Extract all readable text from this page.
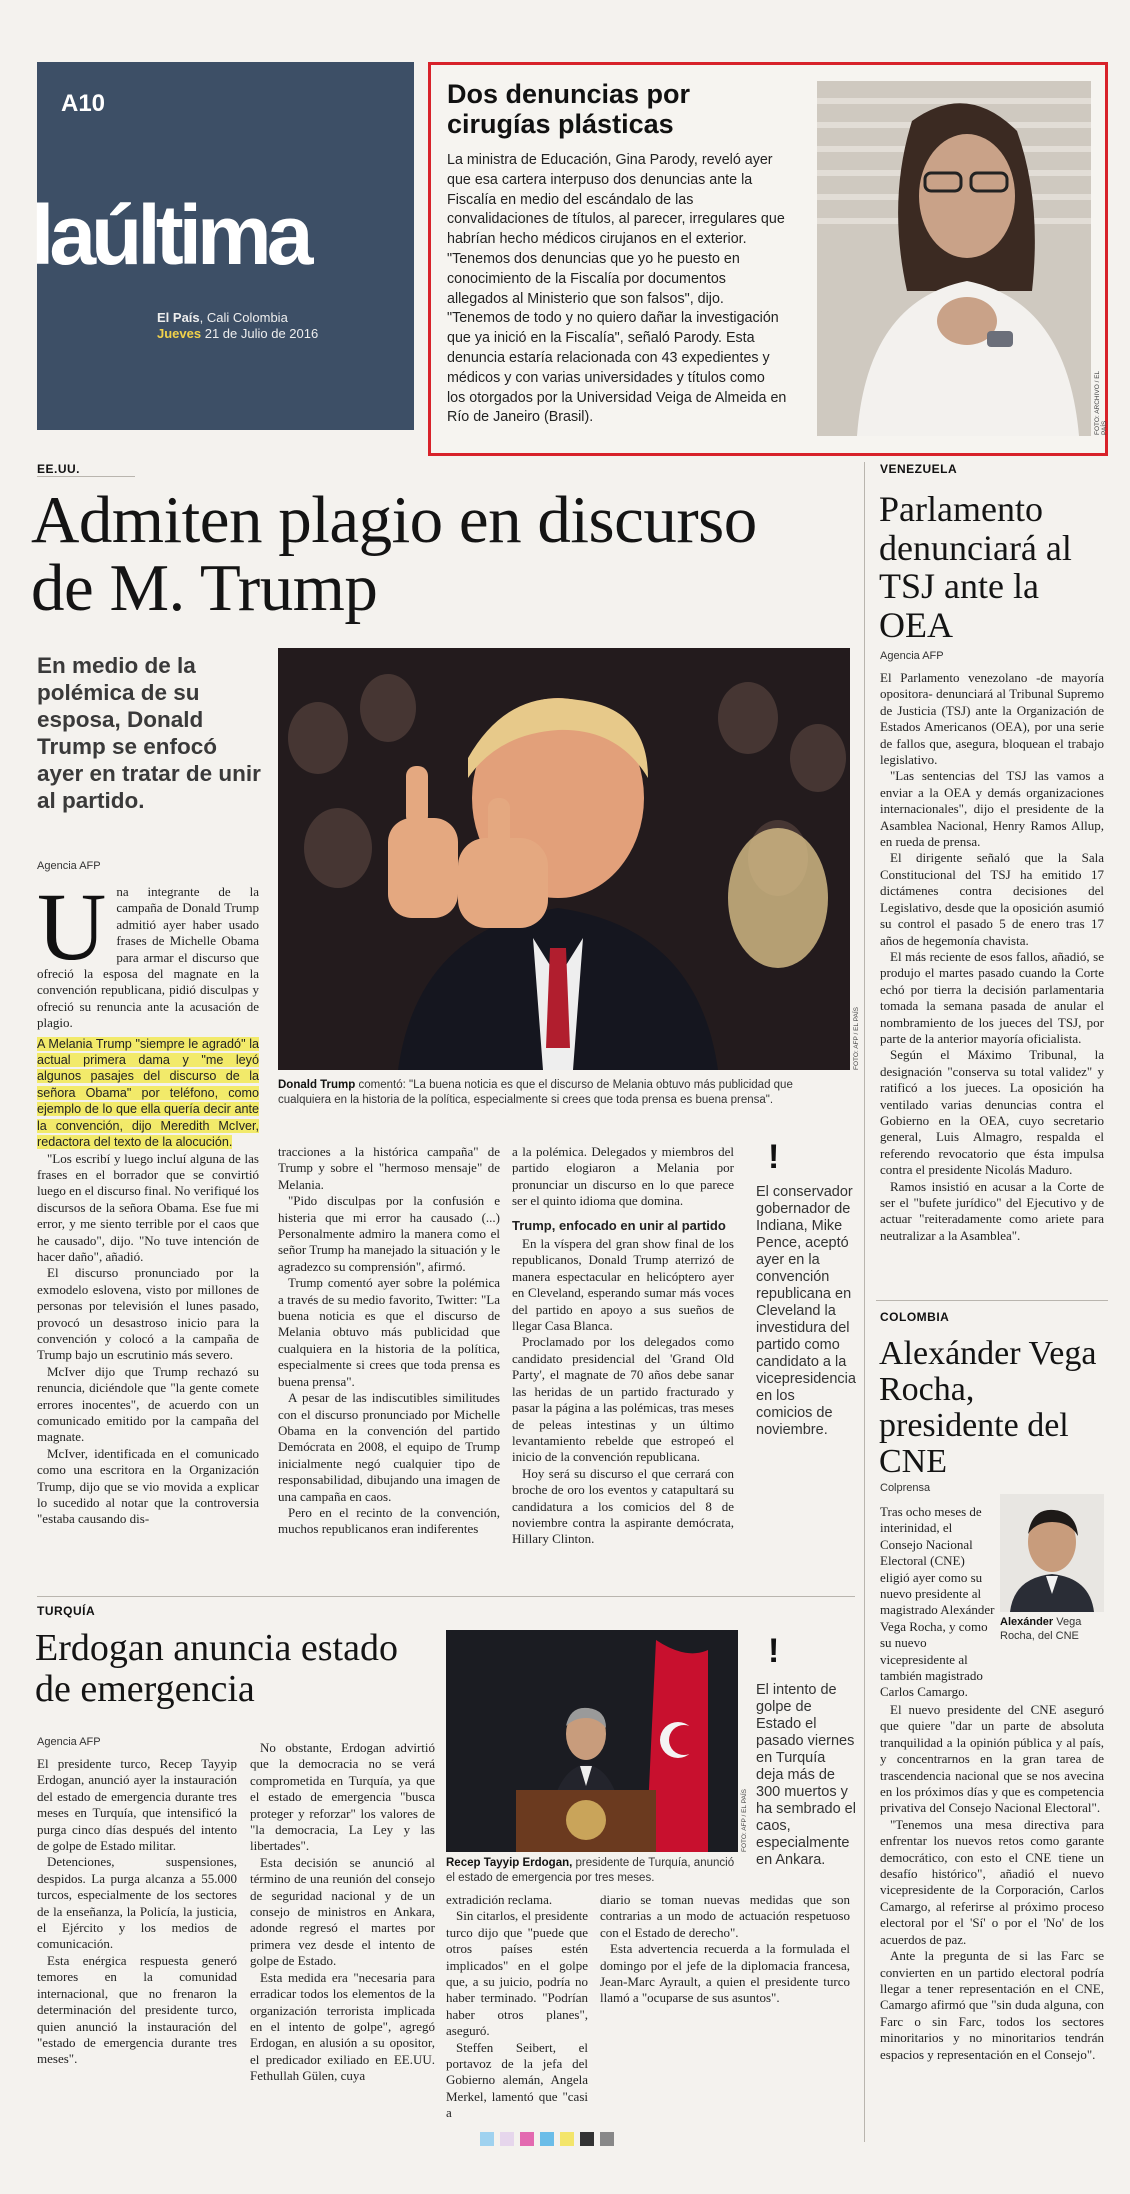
A10
laúltima
El País, Cali Colombia
Jueves 21 de Julio de 2016
Dos denuncias por cirugías plásticas
La ministra de Educación, Gina Parody, reveló ayer que esa cartera interpuso dos denuncias ante la Fiscalía en medio del escándalo de las convalidaciones de títulos, al parecer, irregulares que habrían hecho médicos cirujanos en el exterior. "Tenemos dos denuncias que yo he puesto en conocimiento de la Fiscalía por documentos allegados al Ministerio que son falsos", dijo. "Tenemos de todo y no quiero dañar la investigación que ya inició en la Fiscalía", señaló Parody. Esta denuncia estaría relacionada con 43 expedientes y médicos y con varias universidades y títulos como los otorgados por la Universidad Veiga de Almeida en Río de Janeiro (Brasil).	FOTO: ARCHIVO / EL PAÍS
EE.UU.
Admiten plagio en discurso de M. Trump
En medio de la polémica de su esposa, Donald Trump se enfocó ayer en tratar de unir al partido.
Agencia AFP
FOTO: AFP / EL PAÍS
Donald Trump comentó: "La buena noticia es que el discurso de Melania obtuvo más publicidad que cualquiera en la historia de la política, especialmente si crees que toda prensa es buena prensa".
U na integrante de la campaña de Donald Trump admitió ayer haber usado frases de Michelle Obama para armar el discurso que ofreció la esposa del magnate en la convención republicana, pidió disculpas y ofreció su renuncia ante la acusación de plagio.

A Melania Trump "siempre le agradó" la actual primera dama y "me leyó algunos pasajes del discurso de la señora Obama" por teléfono, como ejemplo de lo que ella quería decir ante la convención, dijo Meredith McIver, redactora del texto de la alocución.

"Los escribí y luego incluí alguna de las frases en el borrador que se convirtió luego en el discurso final. No verifiqué los discursos de la señora Obama. Ese fue mi error, y me siento terrible por el caos que he causado", dijo. "No tuve intención de hacer daño", añadió.

El discurso pronunciado por la exmodelo eslovena, visto por millones de personas por televisión el lunes pasado, provocó un desastroso inicio para la convención y colocó a la campaña de Trump bajo un escrutinio más severo.

McIver dijo que Trump rechazó su renuncia, diciéndole que "la gente comete errores inocentes", de acuerdo con un comunicado emitido por la campaña del magnate.

McIver, identificada en el comunicado como una escritora en la Organización Trump, dijo que se vio movida a explicar lo sucedido al notar que la controversia "estaba causando dis-

tracciones a la histórica campaña" de Trump y sobre el "hermoso mensaje" de Melania.

"Pido disculpas por la confusión e histeria que mi error ha causado (...) Personalmente admiro la manera como el señor Trump ha manejado la situación y le agradezco su comprensión", afirmó.

Trump comentó ayer sobre la polémica a través de su medio favorito, Twitter: "La buena noticia es que el discurso de Melania obtuvo más publicidad que cualquiera en la historia de la política, especialmente si crees que toda prensa es buena prensa".

A pesar de las indiscutibles similitudes con el discurso pronunciado por Michelle Obama en la convención del partido Demócrata en 2008, el equipo de Trump inicialmente negó cualquier tipo de responsabilidad, dibujando una imagen de una campaña en caos.

Pero en el recinto de la convención, muchos republicanos eran indiferentes

a la polémica. Delegados y miembros del partido elogiaron a Melania por pronunciar un discurso en lo que parece ser el quinto idioma que domina.

Trump, enfocado en unir al partido

En la víspera del gran show final de los republicanos, Donald Trump aterrizó de manera espectacular en helicóptero ayer en Cleveland, esperando sumar más voces del partido en apoyo a sus sueños de llegar Casa Blanca.

Proclamado por los delegados como candidato presidencial del 'Grand Old Party', el magnate de 70 años debe sanar las heridas de un partido fracturado y pasar la página a las polémicas, tras meses de peleas intestinas y un último levantamiento rebelde que estropeó el inicio de la convención republicana.

Hoy será su discurso el que cerrará con broche de oro los eventos y catapultará su candidatura a los comicios del 8 de noviembre contra la aspirante demócrata, Hillary Clinton.

!
El conservador gobernador de Indiana, Mike Pence, aceptó ayer en la convención republicana en Cleveland la investidura del partido como candidato a la vicepresidencia en los comicios de noviembre.
VENEZUELA
Parlamento denunciará al TSJ ante la OEA
Agencia AFP

El Parlamento venezolano -de mayoría opositora- denunciará al Tribunal Supremo de Justicia (TSJ) ante la Organización de Estados Americanos (OEA), por una serie de fallos que, asegura, bloquean el trabajo legislativo.

"Las sentencias del TSJ las vamos a enviar a la OEA y demás organizaciones internacionales", dijo el presidente de la Asamblea Nacional, Henry Ramos Allup, en rueda de prensa.

El dirigente señaló que la Sala Constitucional del TSJ ha emitido 17 dictámenes contra decisiones del Legislativo, desde que la oposición asumió su control el pasado 5 de enero tras 17 años de hegemonía chavista.

El más reciente de esos fallos, añadió, se produjo el martes pasado cuando la Corte echó por tierra la decisión parlamentaria tomada la semana pasada de anular el nombramiento de los jueces del TSJ, por parte de la anterior mayoría oficialista.

Según el Máximo Tribunal, la designación "conserva su total validez" y ratificó a los jueces. La oposición ha ventilado varias denuncias contra el Gobierno en la OEA, cuyo secretario general, Luis Almagro, respalda el referendo revocatorio que ésta impulsa contra el presidente Nicolás Maduro.

Ramos insistió en acusar a la Corte de ser el "bufete jurídico" del Ejecutivo y de actuar "reiteradamente como ariete para neutralizar a la Asamblea".

COLOMBIA
Alexánder Vega Rocha, presidente del CNE
Colprensa
Tras ocho meses de interinidad, el Consejo Nacional Electoral (CNE) eligió ayer como su nuevo presidente al magistrado Alexánder Vega Rocha, y como su nuevo vicepresidente al también magistrado Carlos Camargo.
Alexánder Vega Rocha, del CNE

El nuevo presidente del CNE aseguró que quiere "dar un parte de absoluta tranquilidad a la opinión pública y al país, y concentrarnos en la gran tarea de trascendencia nacional que se nos avecina en los próximos días y que es competencia privativa del Consejo Nacional Electoral".

"Tenemos una mesa directiva para enfrentar los nuevos retos como garante democrático, con esto el CNE tiene un desafío histórico", añadió el nuevo vicepresidente de la Corporación, Carlos Camargo, al referirse al próximo proceso electoral por el 'Sí' o por el 'No' de los acuerdos de paz.

Ante la pregunta de si las Farc se convierten en un partido electoral podría llegar a tener representación en el CNE, Camargo afirmó que "sin duda alguna, con Farc o sin Farc, todos los sectores minoritarios y no minoritarios tendrán espacios y representación en el Consejo".

TURQUÍA
Erdogan anuncia estado de emergencia
Agencia AFP

El presidente turco, Recep Tayyip Erdogan, anunció ayer la instauración del estado de emergencia durante tres meses en Turquía, que intensificó la purga cinco días después del intento de golpe de Estado militar.

Detenciones, suspensiones, despidos. La purga alcanza a 55.000 turcos, especialmente de los sectores de la enseñanza, la Policía, la justicia, el Ejército y los medios de comunicación.

Esta enérgica respuesta generó temores en la comunidad internacional, que no frenaron la determinación del presidente turco, quien anunció la instauración del "estado de emergencia durante tres meses".

No obstante, Erdogan advirtió que la democracia no se verá comprometida en Turquía, ya que el estado de emergencia "busca proteger y reforzar" los valores de "la democracia, La Ley y las libertades".

Esta decisión se anunció al término de una reunión del consejo de seguridad nacional y de un consejo de ministros en Ankara, adonde regresó el martes por primera vez desde el intento de golpe de Estado.

Esta medida era "necesaria para erradicar todos los elementos de la organización terrorista implicada en el intento de golpe", agregó Erdogan, en alusión a su opositor, el predicador exiliado en EE.UU. Fethullah Gülen, cuya

FOTO: AFP / EL PAÍS
Recep Tayyip Erdogan, presidente de Turquía, anunció el estado de emergencia por tres meses.
!
El intento de golpe de Estado el pasado viernes en Turquía deja más de 300 muertos y ha sembrado el caos, especialmente en Ankara.

extradición reclama.

Sin citarlos, el presidente turco dijo que "puede que otros países estén implicados" en el golpe que, a su juicio, podría no haber terminado. "Podrían haber otros planes", aseguró.

Steffen Seibert, el portavoz de la jefa del Gobierno alemán, Angela Merkel, lamentó que "casi a

diario se toman nuevas medidas que son contrarias a un modo de actuación respetuoso con el Estado de derecho".

Esta advertencia recuerda a la formulada el domingo por el jefe de la diplomacia francesa, Jean-Marc Ayrault, a quien el presidente turco llamó a "ocuparse de sus asuntos".
